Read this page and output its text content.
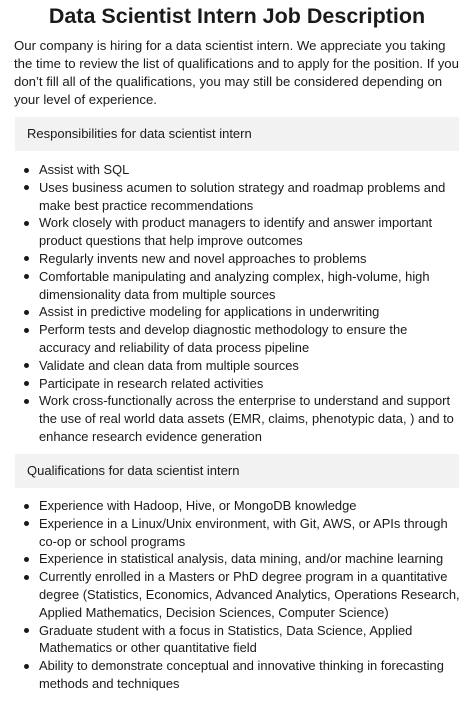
Data Scientist Intern Job Description

Our company is hiring for a data scientist intern. We appreciate you taking the time to review the list of qualifications and to apply for the position. If you don’t fill all of the qualifications, you may still be considered depending on your level of experience.

Responsibilities for data scientist intern
Assist with SQL
Uses business acumen to solution strategy and roadmap problems and make best practice recommendations
Work closely with product managers to identify and answer important product questions that help improve outcomes
Regularly invents new and novel approaches to problems
Comfortable manipulating and analyzing complex, high-volume, high dimensionality data from multiple sources
Assist in predictive modeling for applications in underwriting
Perform tests and develop diagnostic methodology to ensure the accuracy and reliability of data process pipeline
Validate and clean data from multiple sources
Participate in research related activities
Work cross-functionally across the enterprise to understand and support the use of real world data assets (EMR, claims, phenotypic data, ) and to enhance research evidence generation
Qualifications for data scientist intern
Experience with Hadoop, Hive, or MongoDB knowledge
Experience in a Linux/Unix environment, with Git, AWS, or APIs through co-op or school programs
Experience in statistical analysis, data mining, and/or machine learning
Currently enrolled in a Masters or PhD degree program in a quantitative degree (Statistics, Economics, Advanced Analytics, Operations Research, Applied Mathematics, Decision Sciences, Computer Science)
Graduate student with a focus in Statistics, Data Science, Applied Mathematics or other quantitative field
Ability to demonstrate conceptual and innovative thinking in forecasting methods and techniques
